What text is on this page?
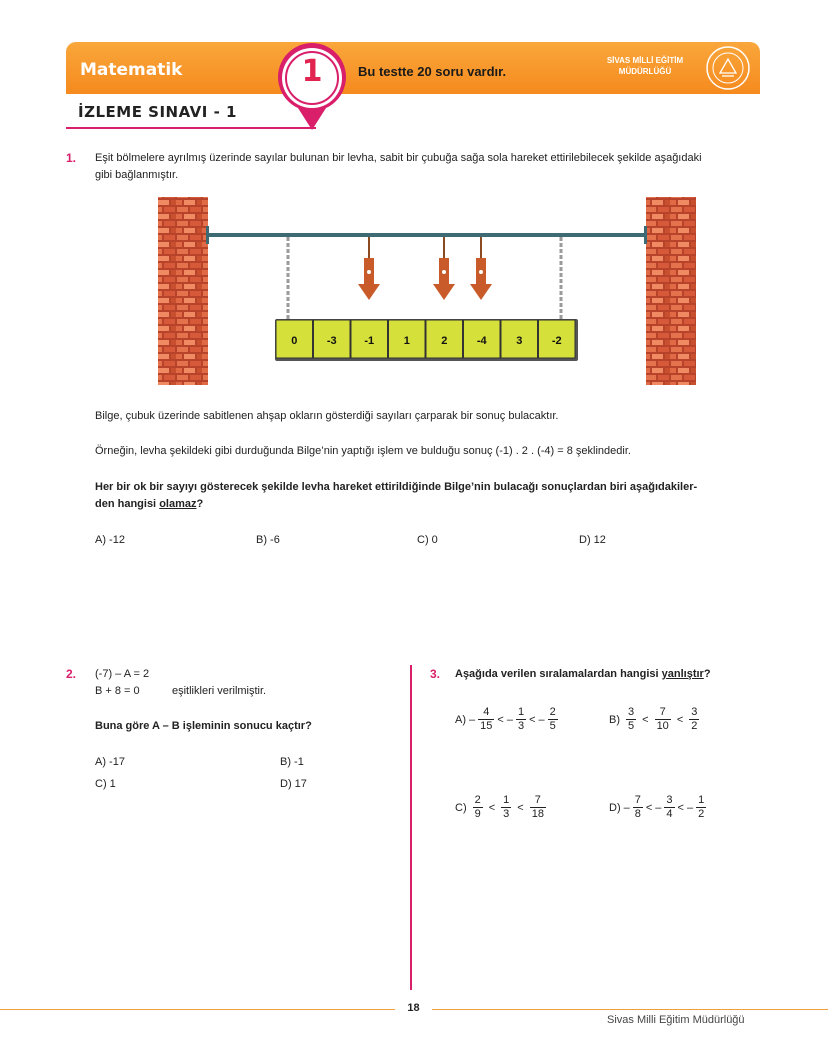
Matematik	1	Bu testte 20 soru vardır.
SİVAS MİLLİ EĞİTİM
MÜDÜRLÜĞÜ
İZLEME SINAVI - 1
1. Eşit bölmelere ayrılmış üzerinde sayılar bulunan bir levha, sabit bir çubuğa sağa sola hareket ettirilebilecek şekilde aşağıdaki
gibi bağlanmıştır.
0	-3	-1	1	2	-4	3	-2
Bilge, çubuk üzerinde sabitlenen ahşap okların gösterdiği sayıları çarparak bir sonuç bulacaktır.
Örneğin, levha şekildeki gibi durduğunda Bilge’nin yaptığı işlem ve bulduğu sonuç (-1) . 2 . (-4) = 8 şeklindedir.
Her bir ok bir sayıyı gösterecek şekilde levha hareket ettirildiğinde Bilge’nin bulacağı sonuçlardan biri aşağıdakiler-
den hangisi olamaz?
A) -12	B) -6	C) 0	D) 12
2. (-7) – A = 2
B + 8 = 0	eşitlikleri verilmiştir.
Buna göre A – B işleminin sonucu kaçtır?
A) -17	B) -1
C) 1	D) 17
3. Aşağıda verilen sıralamalardan hangisi yanlıştır?
$A) - \frac{4}{15}$ < – $\frac{1}{3}$ < – $\frac{2}{5}$	$B) \frac{3}{5} < \frac{7}{10} < \frac{3}{2}$
$C) \frac{2}{9} < \frac{1}{3} < \frac{7}{18}$	$D) - \frac{7}{8}$ < – $\frac{3}{4}$ < – $\frac{1}{2}$
18
Sivas Milli Eğitim Müdürlüğü
